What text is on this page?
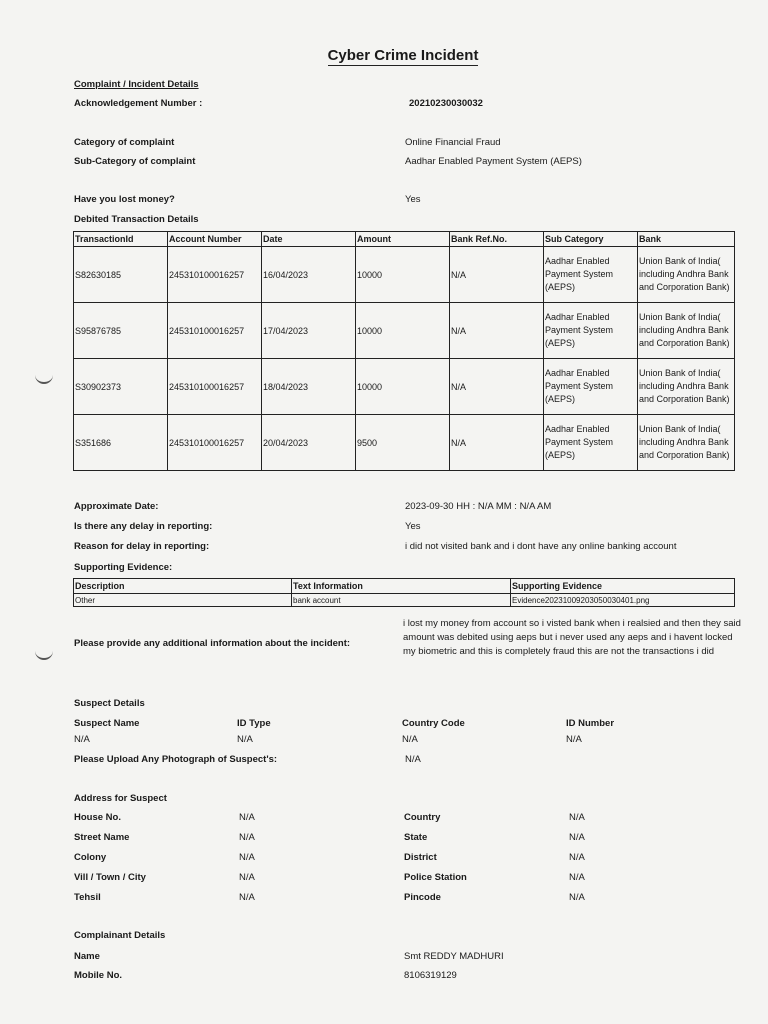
Cyber Crime Incident
Complaint / Incident Details
Acknowledgement Number :	20210230030032
Category of complaint	Online Financial Fraud
Sub-Category of complaint	Aadhar Enabled Payment System (AEPS)
Have you lost money?	Yes
Debited Transaction Details
TransactionId	Account Number	Date	Amount	Bank Ref.No.	Sub Category	Bank
S82630185	245310100016257	16/04/2023	10000	N/A	Aadhar Enabled Payment System (AEPS)	Union Bank of India( including Andhra Bank and Corporation Bank)
S95876785	245310100016257	17/04/2023	10000	N/A	Aadhar Enabled Payment System (AEPS)	Union Bank of India( including Andhra Bank and Corporation Bank)
S30902373	245310100016257	18/04/2023	10000	N/A	Aadhar Enabled Payment System (AEPS)	Union Bank of India( including Andhra Bank and Corporation Bank)
S351686	245310100016257	20/04/2023	9500	N/A	Aadhar Enabled Payment System (AEPS)	Union Bank of India( including Andhra Bank and Corporation Bank)
Approximate Date:	2023-09-30 HH : N/A MM : N/A AM
Is there any delay in reporting:	Yes
Reason for delay in reporting:	i did not visited bank and i dont have any online banking account
Supporting Evidence:
Description	Text Information	Supporting Evidence
Other	bank account	Evidence20231009203050030401.png
Please provide any additional information about the incident:
i lost my money from account so i visted bank when i realsied and then they said amount was debited using aeps but i never used any aeps and i havent locked my biometric and this is completely fraud this are not the transactions i did
Suspect Details
Suspect Name	ID Type	Country Code	ID Number
N/A	N/A	N/A	N/A
Please Upload Any Photograph of Suspect's:	N/A
Address for Suspect
House No.	N/A	Country	N/A
Street Name	N/A	State	N/A
Colony	N/A	District	N/A
Vill / Town / City	N/A	Police Station	N/A
Tehsil	N/A	Pincode	N/A
Complainant Details
Name	Smt REDDY MADHURI
Mobile No.	8106319129
